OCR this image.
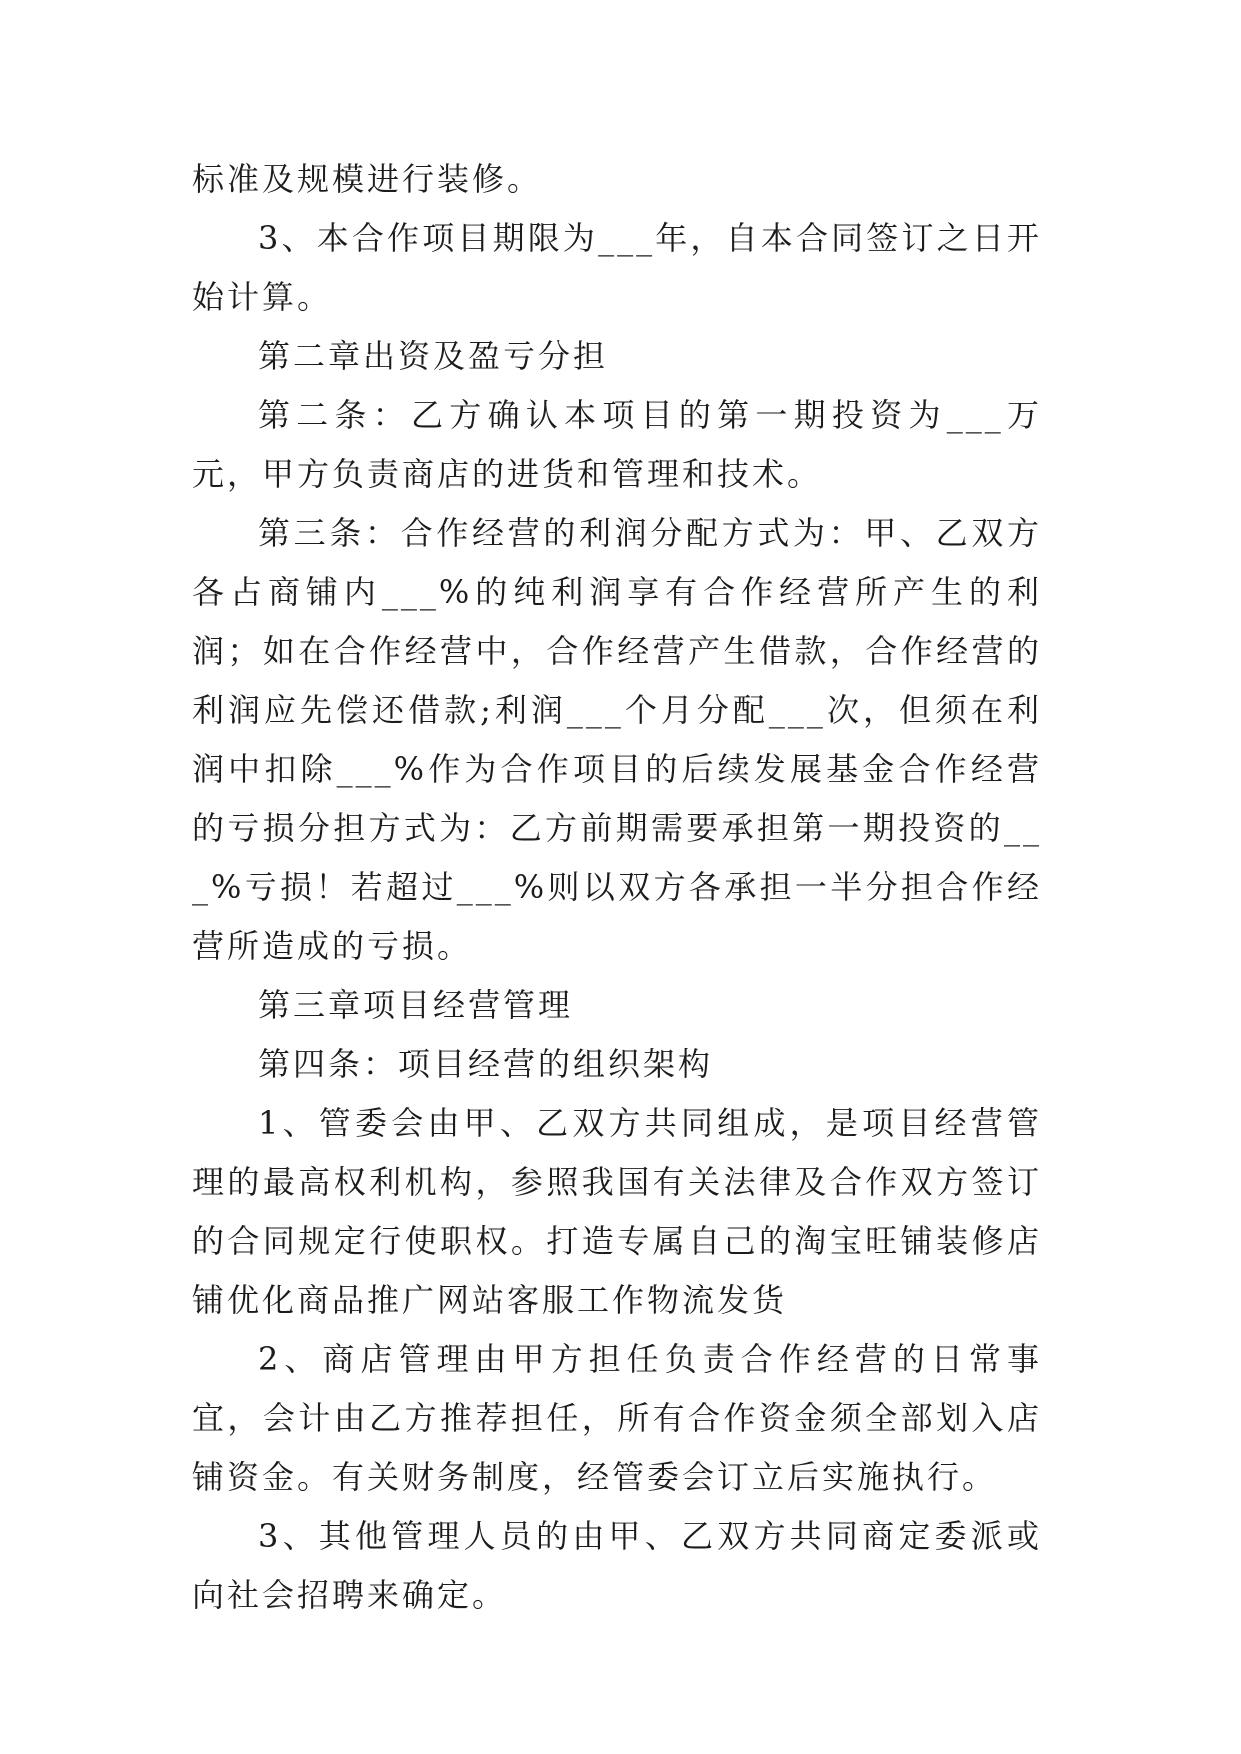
标准及规模进行装修。

3、本合作项目期限为___年，自本合同签订之日开始计算。

第二章出资及盈亏分担

第二条：乙方确认本项目的第一期投资为___万元，甲方负责商店的进货和管理和技术。

第三条：合作经营的利润分配方式为：甲、乙双方各占商铺内___%的纯利润享有合作经营所产生的利润；如在合作经营中，合作经营产生借款，合作经营的利润应先偿还借款;利润___个月分配___次，但须在利润中扣除___%作为合作项目的后续发展基金合作经营的亏损分担方式为：乙方前期需要承担第一期投资的___%亏损！若超过___%则以双方各承担一半分担合作经营所造成的亏损。

第三章项目经营管理

第四条：项目经营的组织架构

1、管委会由甲、乙双方共同组成，是项目经营管理的最高权利机构，参照我国有关法律及合作双方签订的合同规定行使职权。打造专属自己的淘宝旺铺装修店铺优化商品推广网站客服工作物流发货

2、商店管理由甲方担任负责合作经营的日常事宜，会计由乙方推荐担任，所有合作资金须全部划入店铺资金。有关财务制度，经管委会订立后实施执行。

3、其他管理人员的由甲、乙双方共同商定委派或向社会招聘来确定。
